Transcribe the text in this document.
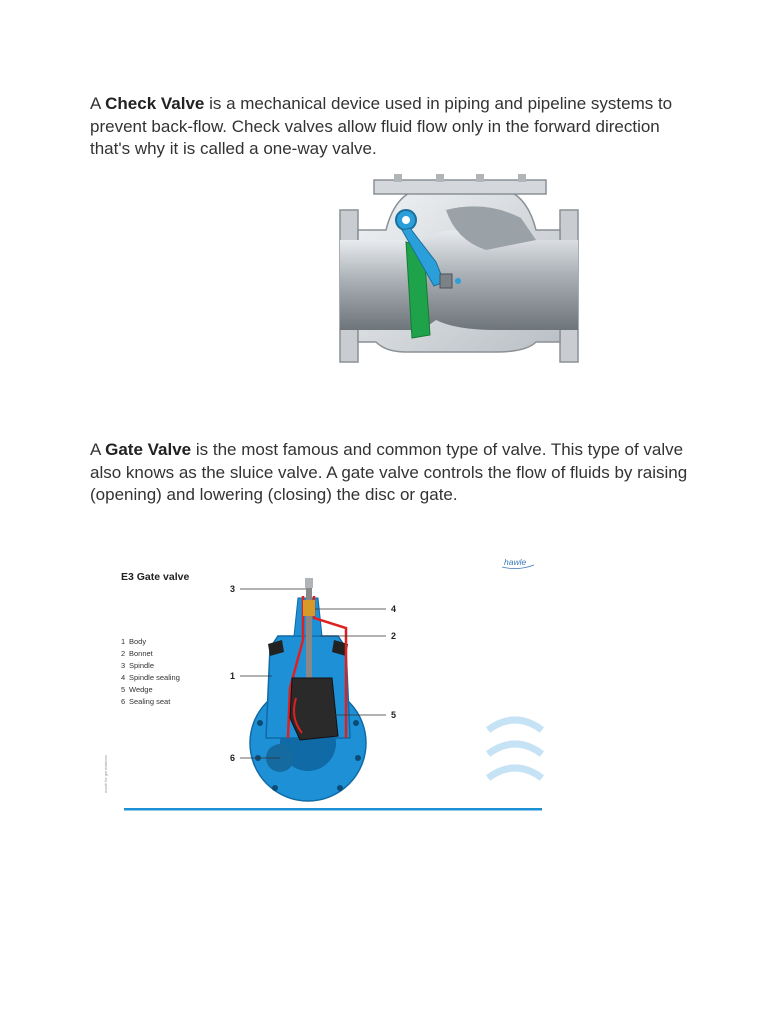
A Check Valve is a mechanical device used in piping and pipeline systems to prevent back-flow. Check valves allow fluid flow only in the forward direction that's why it is called a one-way valve.

A Gate Valve is the most famous and common type of valve. This type of valve also knows as the sluice valve. A gate valve controls the flow of fluids by raising (opening) and lowering (closing) the disc or gate.

E3 Gate valve
hawle
1 Body
2 Bonnet
3 Spindle
4 Spindle sealing
5 Wedge
6 Sealing seat
made for generations
3
4
2
1
5
6
